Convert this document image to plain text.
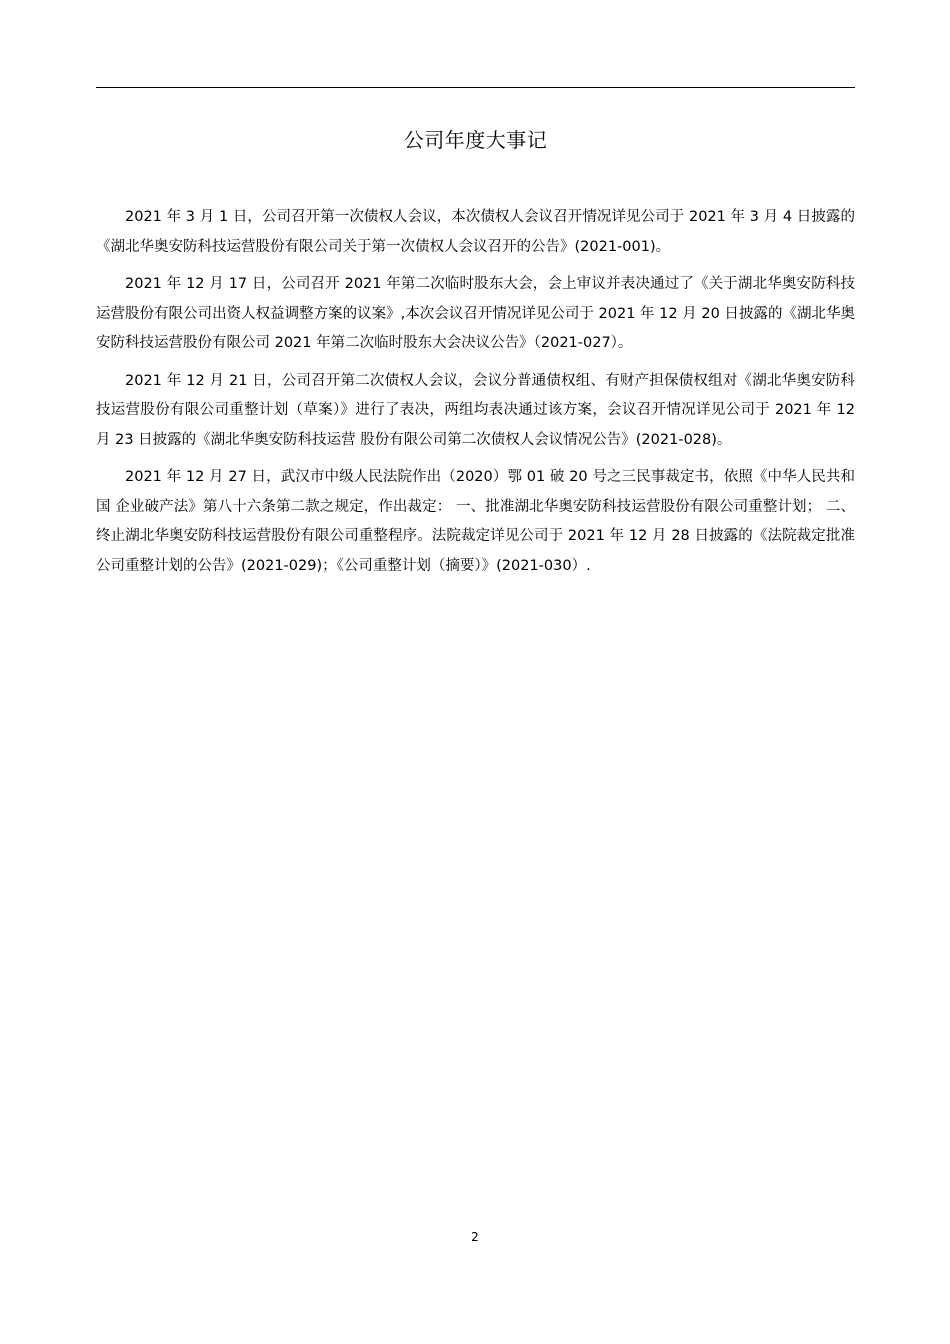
公司年度大事记

2021 年 3 月 1 日，公司召开第一次债权人会议，本次债权人会议召开情况详见公司于 2021 年 3 月 4 日披露的《湖北华奥安防科技运营股份有限公司关于第一次债权人会议召开的公告》(2021-001)。

2021 年 12 月 17 日，公司召开 2021 年第二次临时股东大会，会上审议并表决通过了《关于湖北华奥安防科技运营股份有限公司出资人权益调整方案的议案》,本次会议召开情况详见公司于 2021 年 12 月 20 日披露的《湖北华奥安防科技运营股份有限公司 2021 年第二次临时股东大会决议公告》（2021-027）。

2021 年 12 月 21 日，公司召开第二次债权人会议，会议分普通债权组、有财产担保债权组对《湖北华奥安防科技运营股份有限公司重整计划（草案）》进行了表决，两组均表决通过该方案，会议召开情况详见公司于 2021 年 12 月 23 日披露的《湖北华奥安防科技运营 股份有限公司第二次债权人会议情况公告》(2021-028)。

2021 年 12 月 27 日，武汉市中级人民法院作出（2020）鄂 01 破 20 号之三民事裁定书，依照《中华人民共和国 企业破产法》第八十六条第二款之规定，作出裁定： 一、批准湖北华奥安防科技运营股份有限公司重整计划； 二、终止湖北华奥安防科技运营股份有限公司重整程序。法院裁定详见公司于 2021 年 12 月 28 日披露的《法院裁定批准公司重整计划的公告》(2021-029)；《公司重整计划（摘要）》(2021-030）.

2
